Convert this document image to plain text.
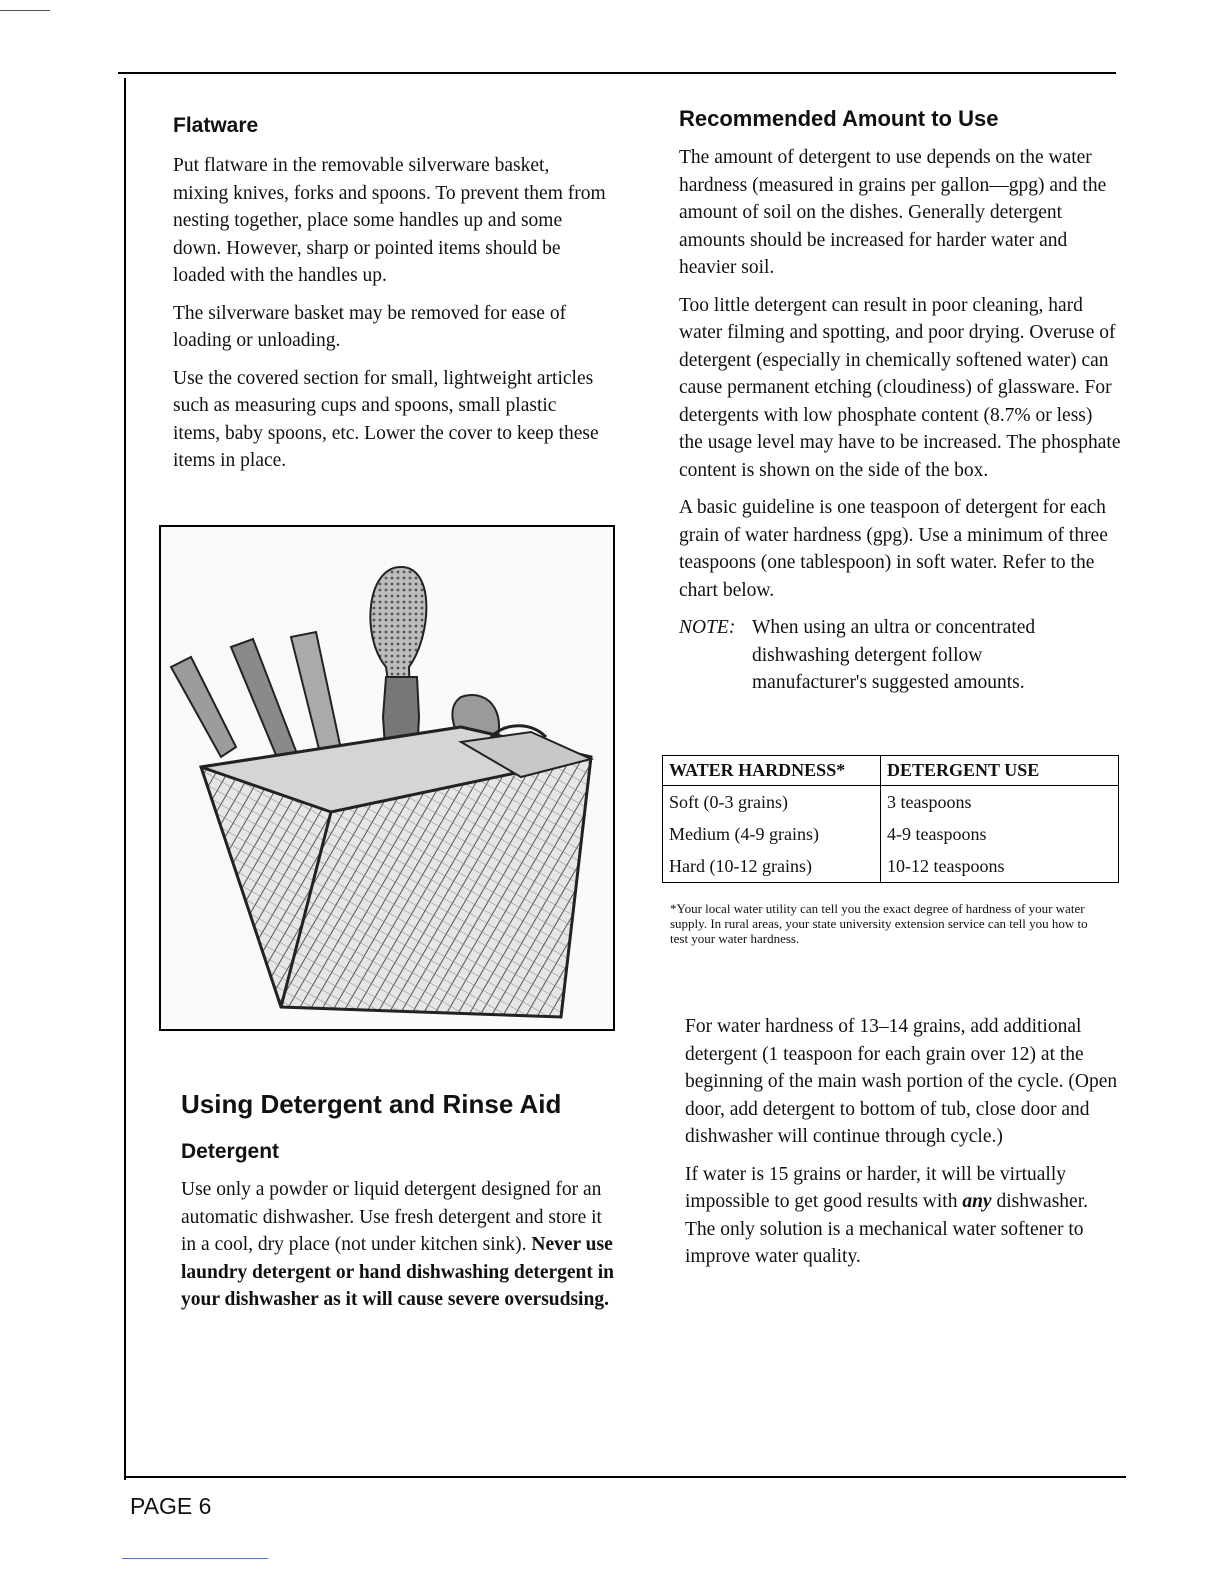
Flatware

Put flatware in the removable silverware basket, mixing knives, forks and spoons. To prevent them from nesting together, place some handles up and some down. However, sharp or pointed items should be loaded with the handles up.

The silverware basket may be removed for ease of loading or unloading.

Use the covered section for small, lightweight articles such as measuring cups and spoons, small plastic items, baby spoons, etc. Lower the cover to keep these items in place.

Using Detergent and Rinse Aid
Detergent

Use only a powder or liquid detergent designed for an automatic dishwasher. Use fresh detergent and store it in a cool, dry place (not under kitchen sink). Never use laundry detergent or hand dishwashing detergent in your dishwasher as it will cause severe oversudsing.

Recommended Amount to Use

The amount of detergent to use depends on the water hardness (measured in grains per gallon—gpg) and the amount of soil on the dishes. Generally detergent amounts should be increased for harder water and heavier soil.

Too little detergent can result in poor cleaning, hard water filming and spotting, and poor drying. Overuse of detergent (especially in chemically softened water) can cause permanent etching (cloudiness) of glassware. For detergents with low phosphate content (8.7% or less) the usage level may have to be increased. The phosphate content is shown on the side of the box.

A basic guideline is one teaspoon of detergent for each grain of water hardness (gpg). Use a minimum of three teaspoons (one tablespoon) in soft water. Refer to the chart below.

NOTE: When using an ultra or concentrated dishwashing detergent follow manufacturer's suggested amounts.
WATER HARDNESS*	DETERGENT USE
Soft (0-3 grains)	3 teaspoons
Medium (4-9 grains)	4-9 teaspoons
Hard (10-12 grains)	10-12 teaspoons
*Your local water utility can tell you the exact degree of hardness of your water supply. In rural areas, your state university extension service can tell you how to test your water hardness.

For water hardness of 13–14 grains, add additional detergent (1 teaspoon for each grain over 12) at the beginning of the main wash portion of the cycle. (Open door, add detergent to bottom of tub, close door and dishwasher will continue through cycle.)

If water is 15 grains or harder, it will be virtually impossible to get good results with any dishwasher. The only solution is a mechanical water softener to improve water quality.

PAGE 6
